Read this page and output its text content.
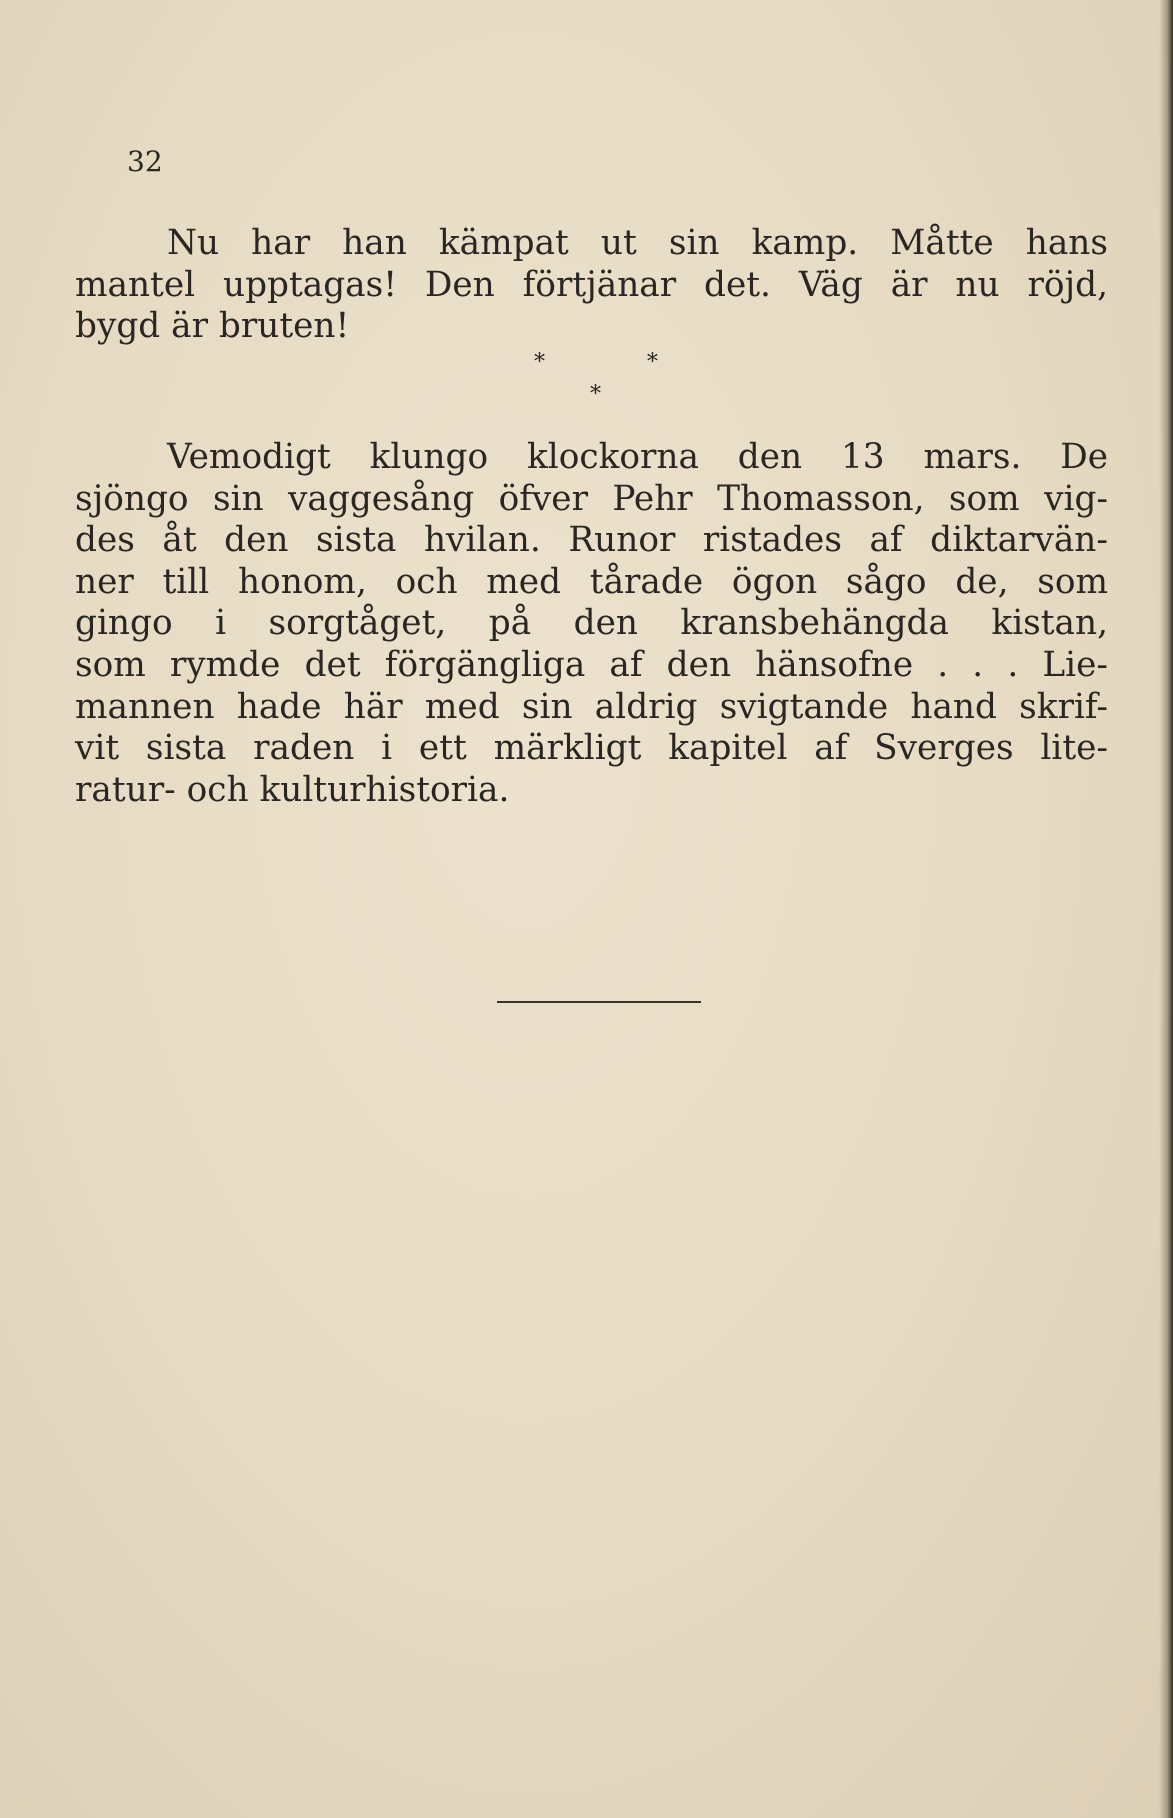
32
Nu har han kämpat ut sin kamp. Måtte hans
mantel upptagas! Den förtjänar det. Väg är nu röjd,
bygd är bruten!
*	*
*
Vemodigt klungo klockorna den 13 mars. De
sjöngo sin vaggesång öfver Pehr Thomasson, som vig-
des åt den sista hvilan. Runor ristades af diktarvän-
ner till honom, och med tårade ögon sågo de, som
gingo i sorgtåget, på den kransbehängda kistan,
som rymde det förgängliga af den hänsofne . . . Lie-
mannen hade här med sin aldrig svigtande hand skrif-
vit sista raden i ett märkligt kapitel af Sverges lite-
ratur- och kulturhistoria.
